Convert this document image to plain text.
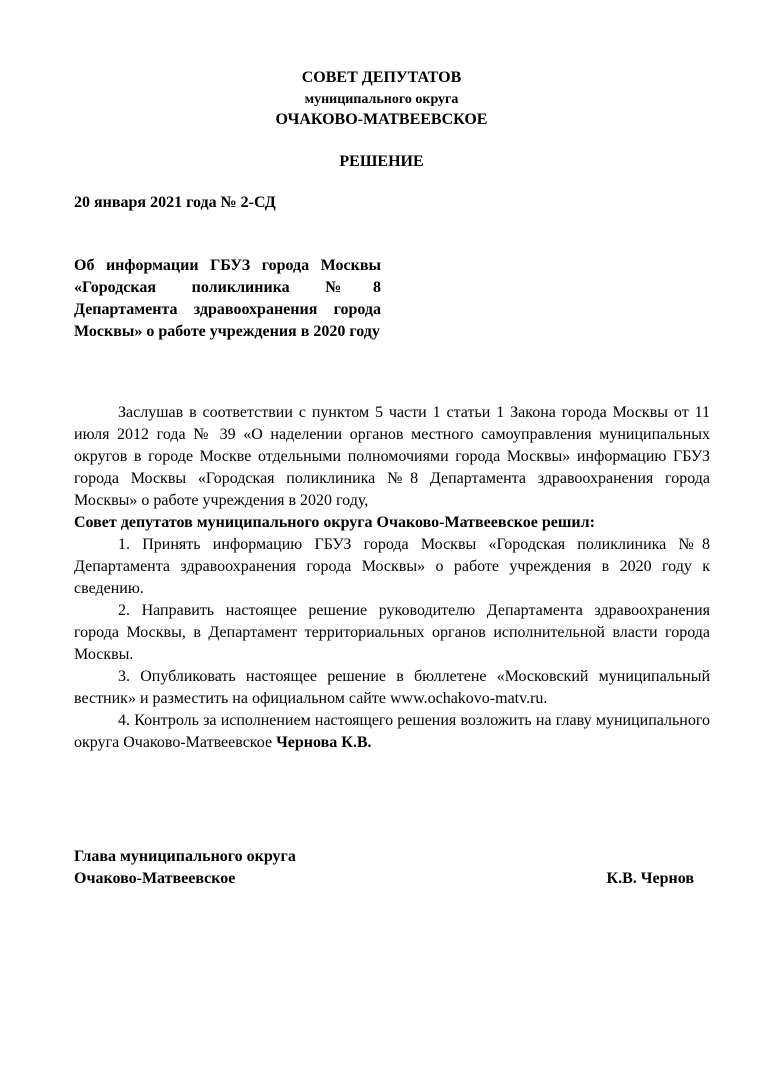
СОВЕТ ДЕПУТАТОВ
муниципального округа
ОЧАКОВО-МАТВЕЕВСКОЕ
РЕШЕНИЕ
20 января 2021 года № 2-СД
Об информации ГБУЗ города Москвы «Городская поликлиника №8 Департамента здравоохранения города Москвы» о работе учреждения в 2020 году

Заслушав в соответствии с пунктом 5 части 1 статьи 1 Закона города Москвы от 11 июля 2012 года № 39 «О наделении органов местного самоуправления муниципальных округов в городе Москве отдельными полномочиями города Москвы» информацию ГБУЗ города Москвы «Городская поликлиника №8 Департамента здравоохранения города Москвы» о работе учреждения в 2020 году,

Совет депутатов муниципального округа Очаково-Матвеевское решил:

1. Принять информацию ГБУЗ города Москвы «Городская поликлиника №8 Департамента здравоохранения города Москвы» о работе учреждения в 2020 году к сведению.

2. Направить настоящее решение руководителю Департамента здравоохранения города Москвы, в Департамент территориальных органов исполнительной власти города Москвы.

3. Опубликовать настоящее решение в бюллетене «Московский муниципальный вестник» и разместить на официальном сайте www.ochakovo-matv.ru.

4. Контроль за исполнением настоящего решения возложить на главу муниципального округа Очаково-Матвеевское Чернова К.В.

Глава муниципального округа
Очаково-Матвеевское	К.В. Чернов
